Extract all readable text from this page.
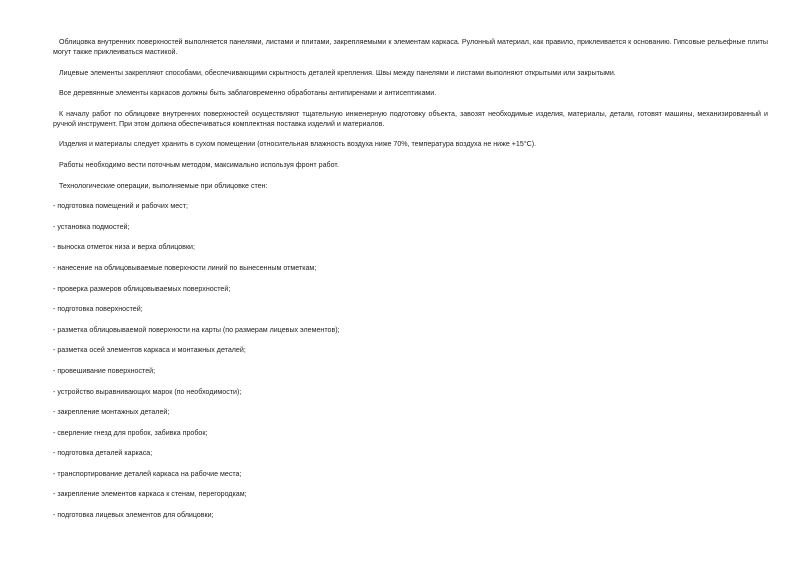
Облицовка внутренних поверхностей выполняется панелями, листами и плитами, закрепляемыми к элементам каркаса. Рулонный материал, как правило, приклеивается к основанию. Гипсовые рельефные плиты могут также приклеиваться мастикой.

Лицевые элементы закрепляют способами, обеспечивающими скрытность деталей крепления. Швы между панелями и листами выполняют открытыми или закрытыми.

Все деревянные элементы каркасов должны быть заблаговременно обработаны антипиренами и антисептиками.

К началу работ по облицовке внутренних поверхностей осуществляют тщательную инженерную подготовку объекта, завозят необходимые изделия, материалы, детали, готовят машины, механизированный и ручной инструмент. При этом должна обеспечиваться комплектная поставка изделий и материалов.

Изделия и материалы следует хранить в сухом помещении (относительная влажность воздуха ниже 70%, температура воздуха не ниже +15°С).

Работы необходимо вести поточным методом, максимально используя фронт работ.

Технологические операции, выполняемые при облицовке стен:

- подготовка помещений и рабочих мест;
- установка подмостей;
- выноска отметок низа и верха облицовки;
- нанесение на облицовываемые поверхности линий по вынесенным отметкам;
- проверка размеров облицовываемых поверхностей;
- подготовка поверхностей;
- разметка облицовываемой поверхности на карты (по размерам лицевых элементов);
- разметка осей элементов каркаса и монтажных деталей;
- провешивание поверхностей;
- устройство выравнивающих марок (по необходимости);
- закрепление монтажных деталей;
- сверление гнезд для пробок, забивка пробок;
- подготовка деталей каркаса;
- транспортирование деталей каркаса на рабочие места;
- закрепление элементов каркаса к стенам, перегородкам;
- подготовка лицевых элементов для облицовки;
